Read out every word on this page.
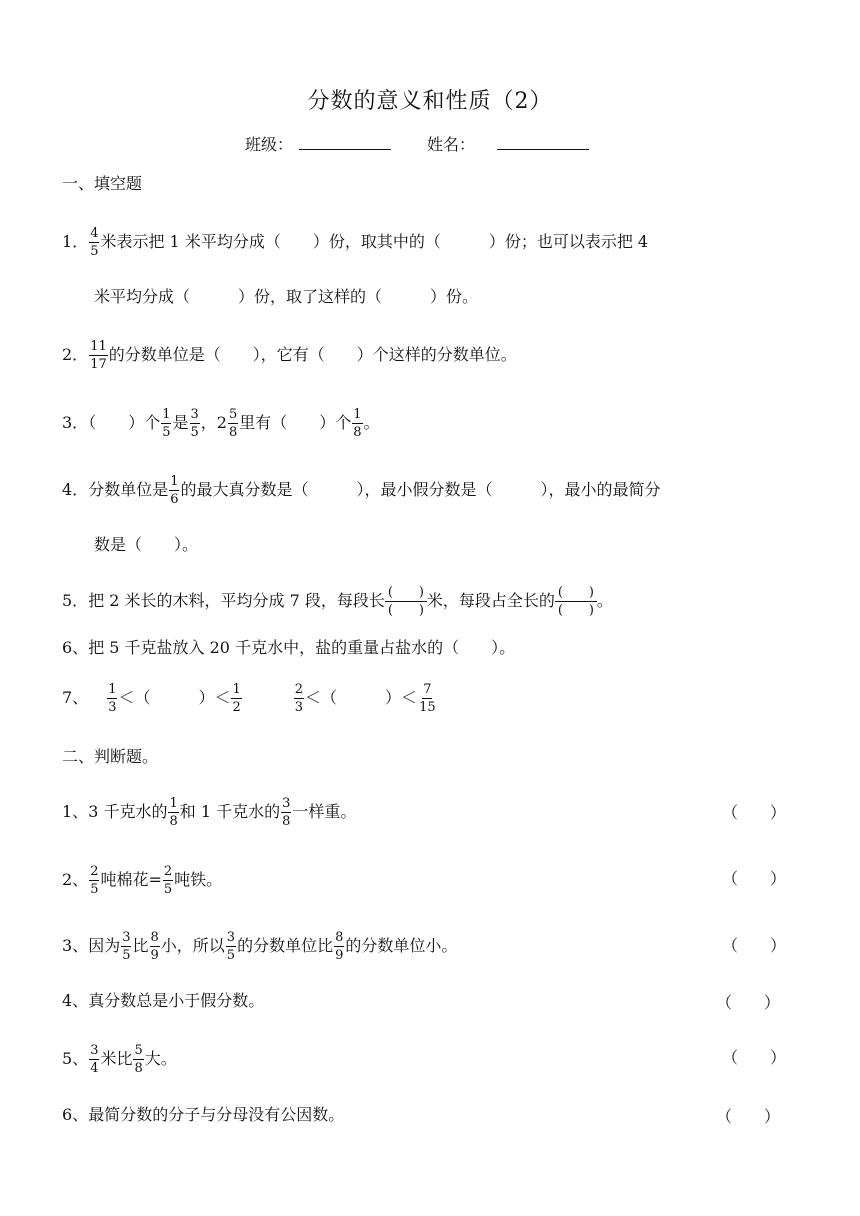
分数的意义和性质（2）
班级：	姓名：
一、填空题
1． $\frac{4}{5}$ 米表示把 1 米平均分成（　　）份，取其中的（　　　）份；也可以表示把 4
米平均分成（　　　）份，取了这样的（　　　）份。
2． $\frac{11}{17}$ 的分数单位是（　　），它有（　　）个这样的分数单位。
3．（　　）个 $\frac{1}{5}$ 是 $\frac{3}{5}$ ，$2 \frac{5}{8}$ 里有（　　）个 $\frac{1}{8}$ 。
4．分数单位是 $\frac{1}{6}$ 的最大真分数是（　　　），最小假分数是（　　　），最小的最简分
数是（　　）。
5．把 2 米长的木料，平均分成 7 段，每段长 $\frac{( )}{( )}$ 米，每段占全长的 $\frac{( )}{( )}$ 。
6、把 5 千克盐放入 20 千克水中，盐的重量占盐水的（　　）。
7、 $\frac{1}{3}$ ＜（　　　）＜ $\frac{1}{2}$	$\frac{2}{3}$ ＜（　　　）＜ $\frac{7}{15}$
二、判断题。
1、3 千克水的 $\frac{1}{8}$ 和 1 千克水的 $\frac{3}{8}$ 一样重。	（　　）
2、 $\frac{2}{5}$ 吨棉花= $\frac{2}{5}$ 吨铁。	（　　）
3、因为 $\frac{3}{5}$ 比 $\frac{8}{9}$ 小，所以 $\frac{3}{5}$ 的分数单位比 $\frac{8}{9}$ 的分数单位小。	（　　）
4、真分数总是小于假分数。	（　　）
5、 $\frac{3}{4}$ 米比 $\frac{5}{8}$ 大。	（　　）
6、最简分数的分子与分母没有公因数。	（　　）
